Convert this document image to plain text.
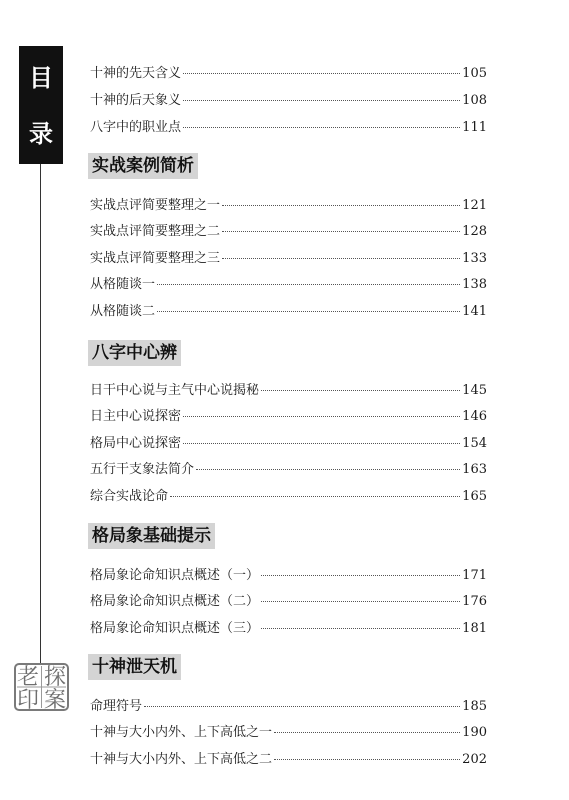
目
录
老 探
印 案
十神的先天含义	105
十神的后天象义	108
八字中的职业点	111
实战案例简析
实战点评简要整理之一	121
实战点评简要整理之二	128
实战点评简要整理之三	133
从格随谈一	138
从格随谈二	141
八字中心辨
日干中心说与主气中心说揭秘	145
日主中心说探密	146
格局中心说探密	154
五行干支象法简介	163
综合实战论命	165
格局象基础提示
格局象论命知识点概述（一）	171
格局象论命知识点概述（二）	176
格局象论命知识点概述（三）	181
十神泄天机
命理符号	185
十神与大小内外、上下高低之一	190
十神与大小内外、上下高低之二	202
